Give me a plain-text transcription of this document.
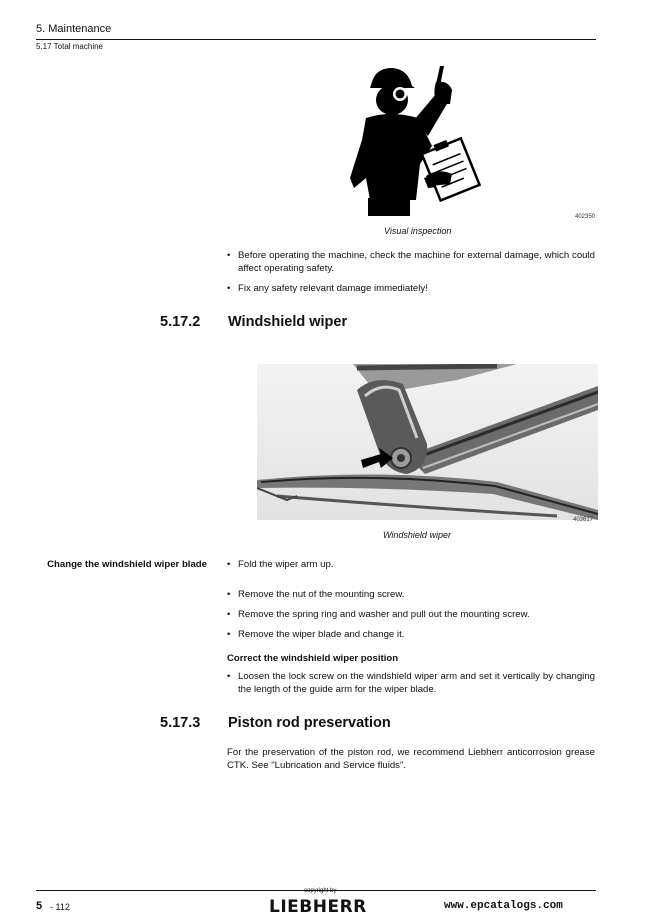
5. Maintenance
5.17 Total machine
402350
Visual inspection
• Before operating the machine, check the machine for external damage, which could affect operating safety.
• Fix any safety relevant damage immediately!
5.17.2 Windshield wiper
403617
Windshield wiper
Change the windshield wiper blade • Fold the wiper arm up.
• Remove the nut of the mounting screw.
• Remove the spring ring and washer and pull out the mounting screw.
• Remove the wiper blade and change it.
Correct the windshield wiper position
• Loosen the lock screw on the windshield wiper arm and set it vertically by changing the length of the guide arm for the wiper blade.
5.17.3 Piston rod preservation
For the preservation of the piston rod, we recommend Liebherr anticorrosion grease CTK. See "Lubrication and Service fluids".
5 - 112
copyright by
LIEBHERR	www.epcatalogs.com
